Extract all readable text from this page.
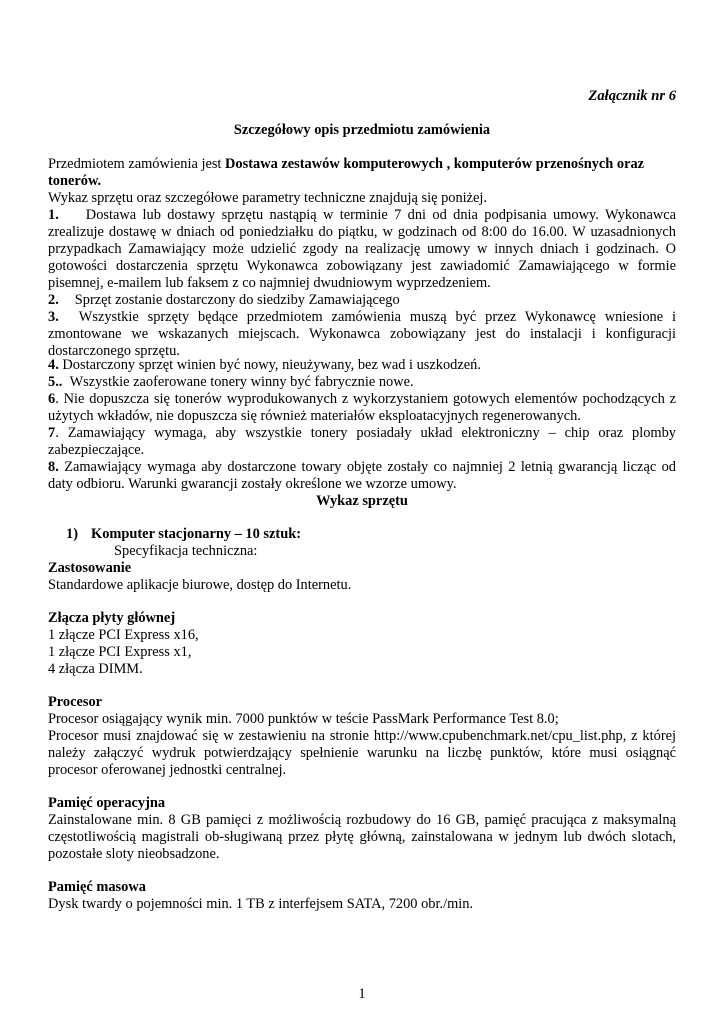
Załącznik nr 6
Szczegółowy opis przedmiotu zamówienia
Przedmiotem zamówienia jest Dostawa zestawów komputerowych , komputerów przenośnych oraz tonerów.
Wykaz sprzętu oraz szczegółowe parametry techniczne znajdują się poniżej.
1. Dostawa lub dostawy sprzętu nastąpią w terminie 7 dni od dnia podpisania umowy. Wykonawca zrealizuje dostawę w dniach od poniedziałku do piątku, w godzinach od 8:00 do 16.00. W uzasadnionych przypadkach Zamawiający może udzielić zgody na realizację umowy w innych dniach i godzinach. O gotowości dostarczenia sprzętu Wykonawca zobowiązany jest zawiadomić Zamawiającego w formie pisemnej, e-mailem lub faksem z co najmniej dwudniowym wyprzedzeniem.
2. Sprzęt zostanie dostarczony do siedziby Zamawiającego
3. Wszystkie sprzęty będące przedmiotem zamówienia muszą być przez Wykonawcę wniesione i zmontowane we wskazanych miejscach. Wykonawca zobowiązany jest do instalacji i konfiguracji dostarczonego sprzętu.
4. Dostarczony sprzęt winien być nowy, nieużywany, bez wad i uszkodzeń.
5.. Wszystkie zaoferowane tonery winny być fabrycznie nowe.
6. Nie dopuszcza się tonerów wyprodukowanych z wykorzystaniem gotowych elementów pochodzących z użytych wkładów, nie dopuszcza się również materiałów eksploatacyjnych regenerowanych.
7. Zamawiający wymaga, aby wszystkie tonery posiadały układ elektroniczny – chip oraz plomby zabezpieczające.
8. Zamawiający wymaga aby dostarczone towary objęte zostały co najmniej 2 letnią gwarancją licząc od daty odbioru. Warunki gwarancji zostały określone we wzorze umowy.
Wykaz sprzętu
1) Komputer stacjonarny – 10 sztuk:
Specyfikacja techniczna:
Zastosowanie
Standardowe aplikacje biurowe, dostęp do Internetu.
Złącza płyty głównej
1 złącze PCI Express x16,
1 złącze PCI Express x1,
4 złącza DIMM.
Procesor
Procesor osiągający wynik min. 7000 punktów w teście PassMark Performance Test 8.0;
Procesor musi znajdować się w zestawieniu na stronie http://www.cpubenchmark.net/cpu_list.php, z której należy załączyć wydruk potwierdzający spełnienie warunku na liczbę punktów, które musi osiągnąć procesor oferowanej jednostki centralnej.
Pamięć operacyjna
Zainstalowane min. 8 GB pamięci z możliwością rozbudowy do 16 GB, pamięć pracująca z maksymalną częstotliwością magistrali ob-sługiwaną przez płytę główną, zainstalowana w jednym lub dwóch slotach, pozostałe sloty nieobsadzone.
Pamięć masowa
Dysk twardy o pojemności min. 1 TB z interfejsem SATA, 7200 obr./min.
1
